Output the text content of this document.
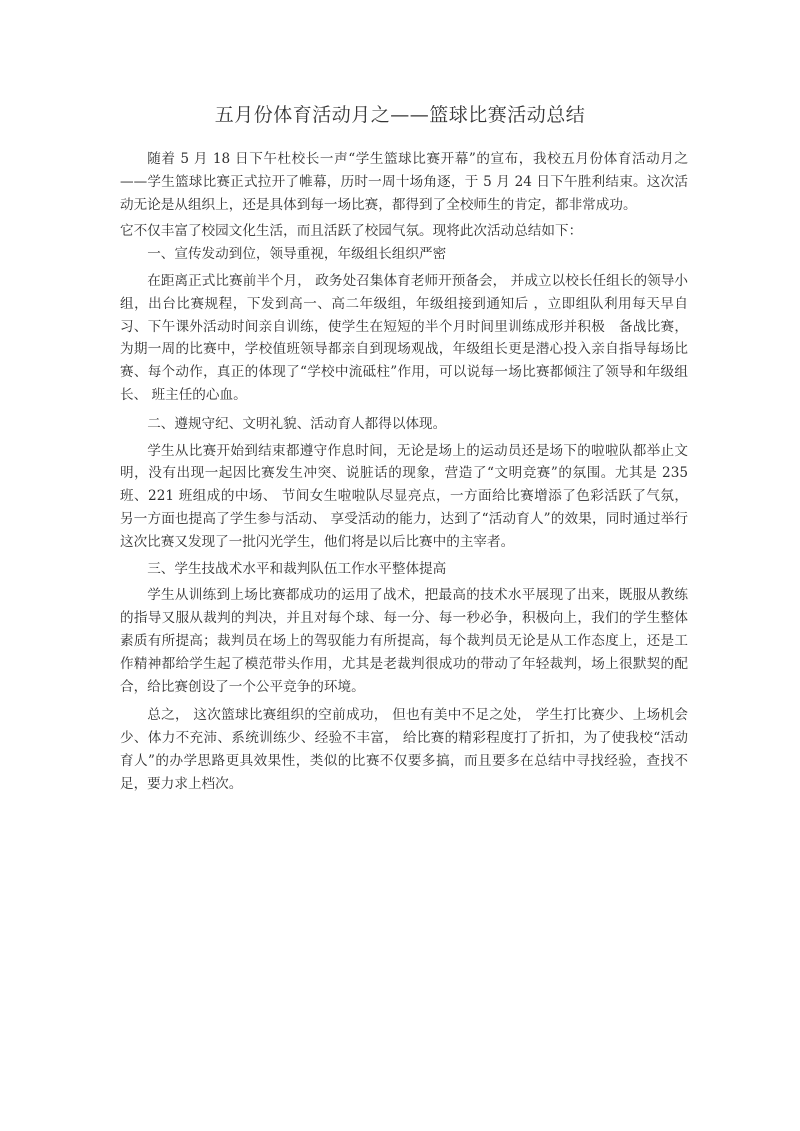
五月份体育活动月之——篮球比赛活动总结

随着 5 月 18 日下午杜校长一声“学生篮球比赛开幕”的宣布，我校五月份体育活动月之——学生篮球比赛正式拉开了帷幕，历时一周十场角逐，于 5 月 24 日下午胜利结束。这次活动无论是从组织上，还是具体到每一场比赛，都得到了全校师生的肯定，都非常成功。

它不仅丰富了校园文化生活，而且活跃了校园气氛。现将此次活动总结如下：

一、宣传发动到位，领导重视，年级组长组织严密

在距离正式比赛前半个月， 政务处召集体育老师开预备会， 并成立以校长任组长的领导小组，出台比赛规程，下发到高一、高二年级组，年级组接到通知后 ，立即组队利用每天早自习、下午课外活动时间亲自训练，使学生在短短的半个月时间里训练成形并积极　备战比赛， 为期一周的比赛中，学校值班领导都亲自到现场观战，年级组长更是潜心投入亲自指导每场比赛、每个动作，真正的体现了“学校中流砥柱”作用，可以说每一场比赛都倾注了领导和年级组长、 班主任的心血。

二、遵规守纪、文明礼貌、活动育人都得以体现。

学生从比赛开始到结束都遵守作息时间，无论是场上的运动员还是场下的啦啦队都举止文明，没有出现一起因比赛发生冲突、说脏话的现象，营造了“文明竞赛”的氛围。尤其是 235 班、221 班组成的中场、 节间女生啦啦队尽显亮点，一方面给比赛增添了色彩活跃了气氛， 另一方面也提高了学生参与活动、 享受活动的能力，达到了“活动育人”的效果，同时通过举行这次比赛又发现了一批闪光学生，他们将是以后比赛中的主宰者。

三、学生技战术水平和裁判队伍工作水平整体提高

学生从训练到上场比赛都成功的运用了战术，把最高的技术水平展现了出来，既服从教练的指导又服从裁判的判决，并且对每个球、每一分、每一秒必争，积极向上，我们的学生整体素质有所提高；裁判员在场上的驾驭能力有所提高，每个裁判员无论是从工作态度上，还是工作精神都给学生起了模范带头作用，尤其是老裁判很成功的带动了年轻裁判，场上很默契的配合，给比赛创设了一个公平竞争的环境。

总之， 这次篮球比赛组织的空前成功， 但也有美中不足之处， 学生打比赛少、上场机会少、体力不充沛、系统训练少、经验不丰富， 给比赛的精彩程度打了折扣，为了使我校“活动育人”的办学思路更具效果性，类似的比赛不仅要多搞，而且要多在总结中寻找经验，查找不足，要力求上档次。
